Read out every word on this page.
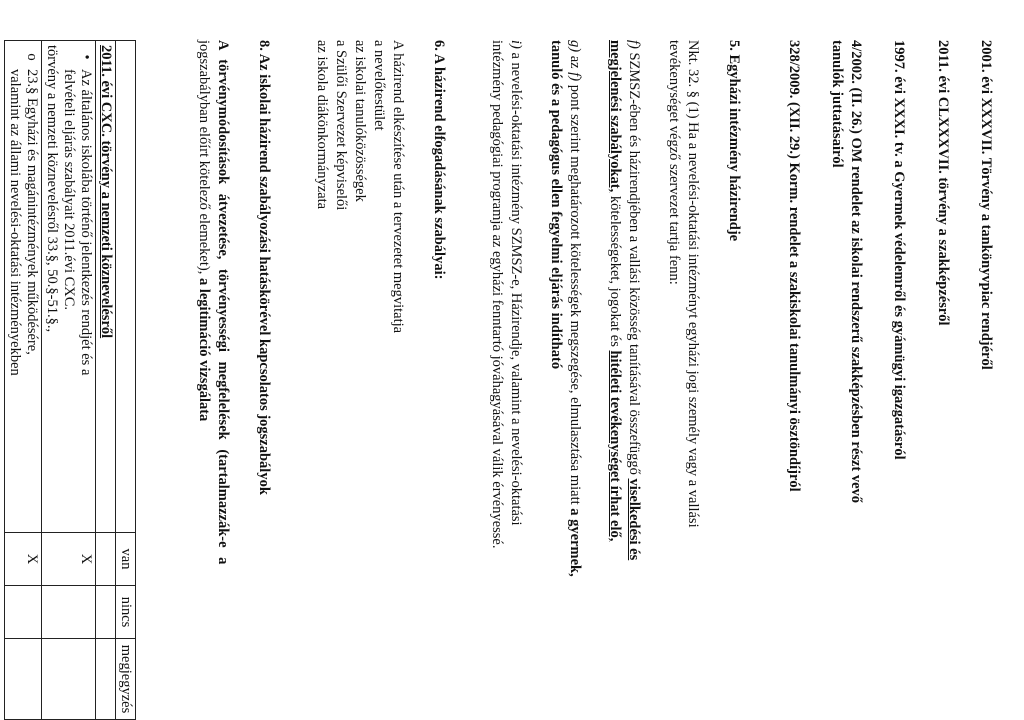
2001. évi XXXVII. Törvény a tankönyvpiac rendjéről
2011. évi CLXXXVII. törvény a szakképzésről
1997. évi XXXI. tv. a Gyermek védelemről és gyámügyi igazgatásról
4/2002. (II. 26.) OM rendelet az iskolai rendszerű szakképzésben részt vevő
tanulók juttatásairól
328/2009. (XII. 29.) Korm. rendelet a szakiskolai tanulmányi ösztöndíjról
5. Egyházi intézmény házirendje
Nkt. 32. § (1) Ha a nevelési-oktatási intézményt egyházi jogi személy vagy a vallási
tevékenységet végző szervezet tartja fenn:
f) SZMSZ-ében és házirendjében a vallási közösség tanításával összefüggő viselkedési és
megjelenési szabályokat, kötelességeket, jogokat és hitéleti tevékenységet írhat elő,
g) az f) pont szerint meghatározott kötelességek megszegése, elmulasztása miatt a gyermek,
tanuló és a pedagógus ellen fegyelmi eljárás indítható
i) a nevelési-oktatási intézmény SZMSZ-e, Házirendje, valamint a nevelési-oktatási
intézmény pedagógiai programja az egyházi fenntartó jóváhagyásával válik érvényessé.
6. A házirend elfogadásának szabályai:
A házirend elkészítése után a tervezetet megvitatja
a nevelőtestület
az iskolai tanulóközösségek
a Szülői Szervezet képviselői
az iskola diákönkormányzata
8. Az iskolai házirend szabályozási hatáskörével kapcsolatos jogszabályok
A törvénymódosítások átvezetése, törvényességi megfelelések (tartalmazzák-e a
jogszabályban előírt kötelező elemeket), a legitimáció vizsgálata
	van	nincs	megjegyzés
2011. évi CXC. törvény a nemzeti köznevelésről			

•Az általános iskolába történő jelentkezés rendjét és a
felvételi eljárás szabályait 2011.évi CXC.
törvény a nemzeti köznevelésről 33.§, 50.§-51.§.,	X		

o23.§ Egyházi és magánintézmények működésére,
valamint az állami nevelési-oktatási intézményekben	X		
